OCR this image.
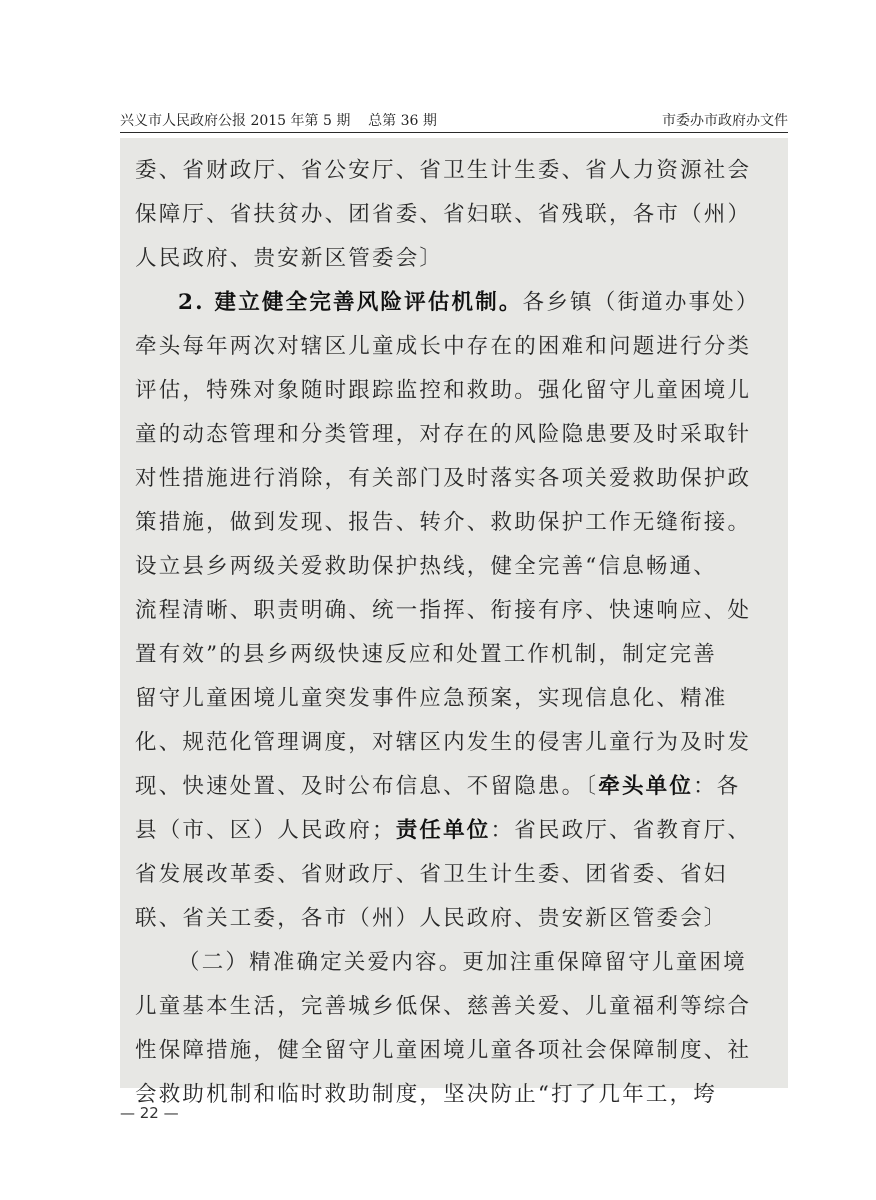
兴义市人民政府公报 2015 年第 5 期    总第 36 期	市委办市政府办文件
委、省财政厅、省公安厅、省卫生计生委、省人力资源社会
保障厅、省扶贫办、团省委、省妇联、省残联，各市（州）
人民政府、贵安新区管委会〕
2. 建立健全完善风险评估机制。各乡镇（街道办事处）
牵头每年两次对辖区儿童成长中存在的困难和问题进行分类
评估，特殊对象随时跟踪监控和救助。强化留守儿童困境儿
童的动态管理和分类管理，对存在的风险隐患要及时采取针
对性措施进行消除，有关部门及时落实各项关爱救助保护政
策措施，做到发现、报告、转介、救助保护工作无缝衔接。
设立县乡两级关爱救助保护热线，健全完善“信息畅通、
流程清晰、职责明确、统一指挥、衔接有序、快速响应、处
置有效”的县乡两级快速反应和处置工作机制，制定完善
留守儿童困境儿童突发事件应急预案，实现信息化、精准
化、规范化管理调度，对辖区内发生的侵害儿童行为及时发
现、快速处置、及时公布信息、不留隐患。〔牵头单位：各
县（市、区）人民政府；责任单位：省民政厅、省教育厅、
省发展改革委、省财政厅、省卫生计生委、团省委、省妇
联、省关工委，各市（州）人民政府、贵安新区管委会〕
（二）精准确定关爱内容。更加注重保障留守儿童困境
儿童基本生活，完善城乡低保、慈善关爱、儿童福利等综合
性保障措施，健全留守儿童困境儿童各项社会保障制度、社
会救助机制和临时救助制度，坚决防止“打了几年工，垮
— 22 —
